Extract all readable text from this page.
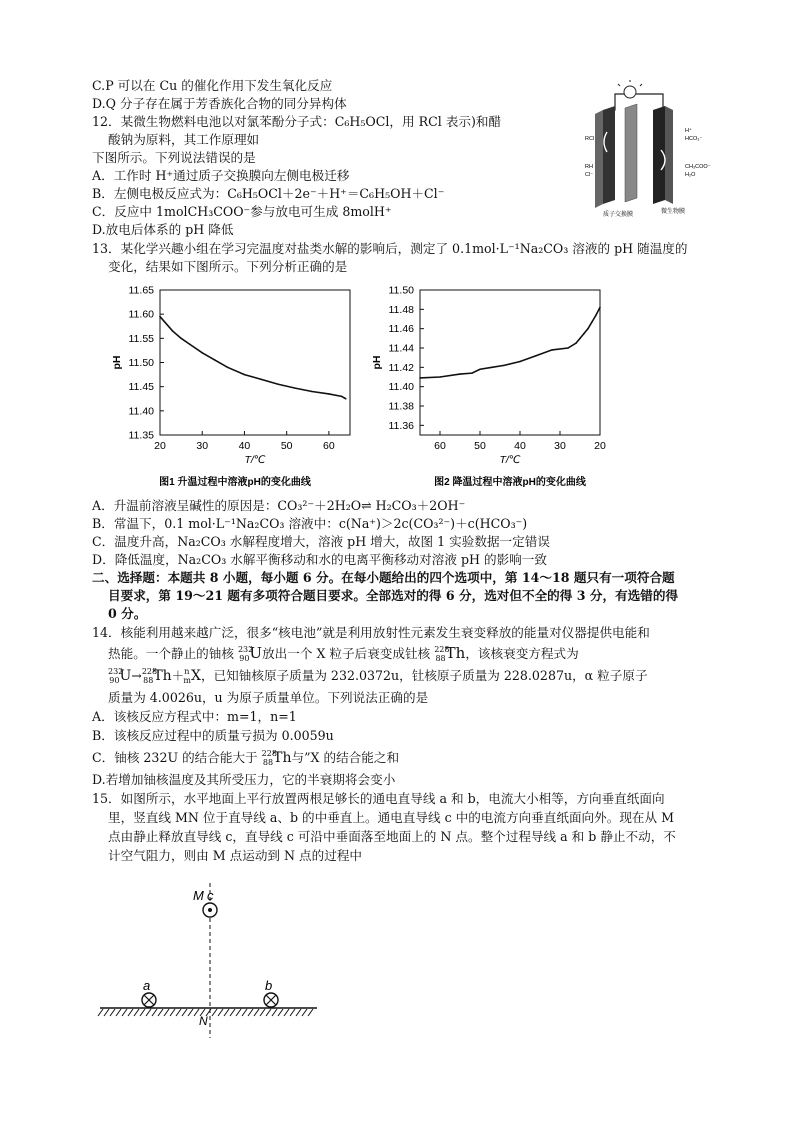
C.P 可以在 Cu 的催化作用下发生氧化反应
D.Q 分子存在属于芳香族化合物的同分异构体
12．某微生物燃料电池以对氯苯酚分子式：C₆H₅OCl，用 RCl 表示)和醋
酸钠为原料，其工作原理如
下图所示。下列说法错误的是
A．工作时 H⁺通过质子交换膜向左侧电极迁移
B．左侧电极反应式为：C₆H₅OCl＋2e⁻＋H⁺＝C₆H₅OH＋Cl⁻
C．反应中 1molCH₃COO⁻参与放电可生成 8molH⁺
D.放电后体系的 pH 降低
13．某化学兴趣小组在学习完温度对盐类水解的影响后，测定了 0.1mol·L⁻¹Na₂CO₃ 溶液的 pH 随温度的
变化，结果如下图所示。下列分析正确的是
RCl
RH
Cl⁻
H⁺
HCO₃⁻
CH₃COO⁻
H₂O
质子交换膜	微生物膜
11.65
11.60
11.55
11.50
11.45
11.40
11.35
20	30	40	50	60
pH
T/℃
图1 升温过程中溶液pH的变化曲线
11.50
11.48
11.46
11.44
11.42
11.40
11.38
11.36
60	50	40	30	20
pH
T/℃
图2 降温过程中溶液pH的变化曲线
A．升温前溶液呈碱性的原因是：CO₃²⁻＋2H₂O⇌ H₂CO₃＋2OH⁻
B．常温下，0.1 mol·L⁻¹Na₂CO₃ 溶液中：c(Na⁺)＞2c(CO₃²⁻)＋c(HCO₃⁻)
C．温度升高，Na₂CO₃ 水解程度增大，溶液 pH 增大，故图 1 实验数据一定错误
D．降低温度，Na₂CO₃ 水解平衡移动和水的电离平衡移动对溶液 pH 的影响一致
二、选择题：本题共 8 小题，每小题 6 分。在每小题给出的四个选项中，第 14～18 题只有一项符合题
目要求，第 19～21 题有多项符合题目要求。全部选对的得 6 分，选对但不全的得 3 分，有选错的得
0 分。
14．核能利用越来越广泛，很多“核电池”就是利用放射性元素发生衰变释放的能量对仪器提供电能和
热能。一个静止的铀核 $^{232}_{90}$U放出一个 X 粒子后衰变成钍核 $^{228}_{88}$Th，该核衰变方程式为
$^{232}_{90}$U→$^{228}_{88}$Th＋$^n_m$X，已知铀核原子质量为 232.0372u，钍核原子质量为 228.0287u，α 粒子原子
质量为 4.0026u，u 为原子质量单位。下列说法正确的是
A．该核反应方程式中：m=1，n=1
B．该核反应过程中的质量亏损为 0.0059u
C．铀核 232U 的结合能大于 $^{228}_{88}$Th与”X 的结合能之和
D.若增加铀核温度及其所受压力，它的半衰期将会变小
15．如图所示，水平地面上平行放置两根足够长的通电直导线 a 和 b，电流大小相等，方向垂直纸面向
里，竖直线 MN 位于直导线 a、b 的中垂直上。通电直导线 c 中的电流方向垂直纸面向外。现在从 M
点由静止释放直导线 c，直导线 c 可沿中垂面落至地面上的 N 点。整个过程导线 a 和 b 静止不动，不
计空气阻力，则由 M 点运动到 N 点的过程中
M c
a	b
N
